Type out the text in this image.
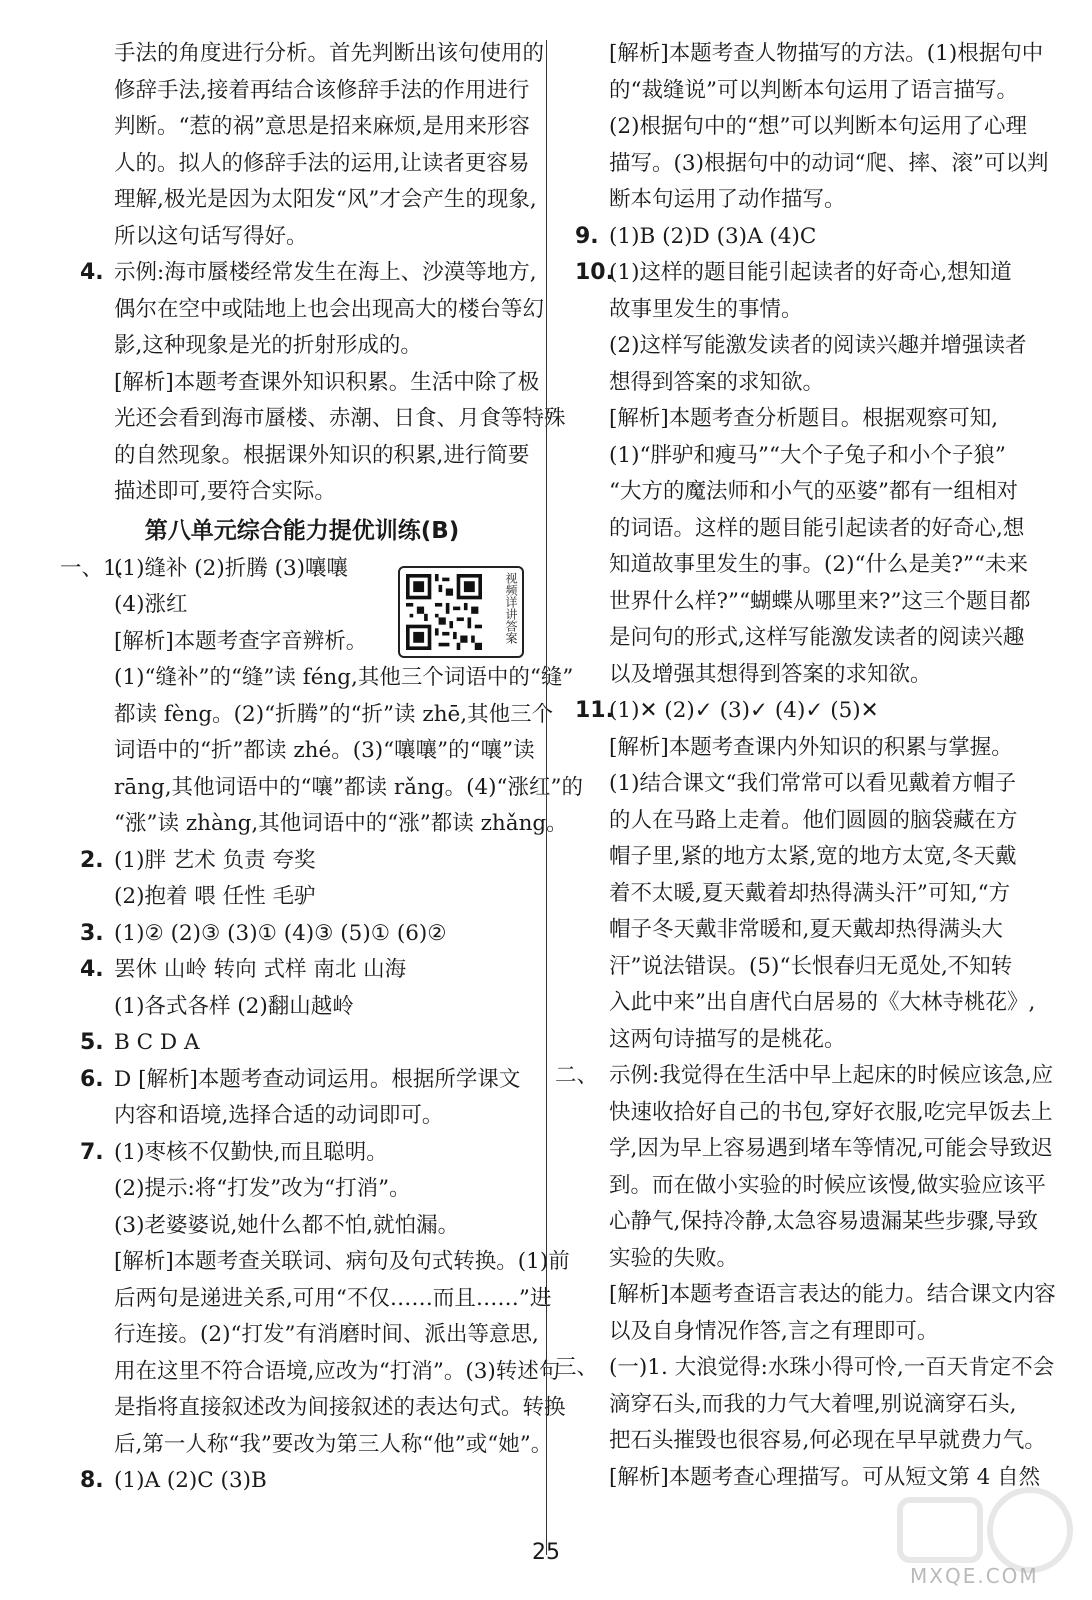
手法的角度进行分析。首先判断出该句使用的
修辞手法,接着再结合该修辞手法的作用进行
判断。“惹的祸”意思是招来麻烦,是用来形容
人的。拟人的修辞手法的运用,让读者更容易
理解,极光是因为太阳发“风”才会产生的现象,
所以这句话写得好。
4. 示例:海市蜃楼经常发生在海上、沙漠等地方,
偶尔在空中或陆地上也会出现高大的楼台等幻
影,这种现象是光的折射形成的。
[解析]本题考查课外知识积累。生活中除了极
光还会看到海市蜃楼、赤潮、日食、月食等特殊
的自然现象。根据课外知识的积累,进行简要
描述即可,要符合实际。
第八单元综合能力提优训练(B)
一、1.(1)缝补 (2)折腾 (3)嚷嚷
(4)涨红
[解析]本题考查字音辨析。
(1)“缝补”的“缝”读 féng,其他三个词语中的“缝”
都读 fèng。(2)“折腾”的“折”读 zhē,其他三个
词语中的“折”都读 zhé。(3)“嚷嚷”的“嚷”读
rāng,其他词语中的“嚷”都读 rǎng。(4)“涨红”的
“涨”读 zhàng,其他词语中的“涨”都读 zhǎng。
2. (1)胖 艺术 负责 夸奖
(2)抱着 喂 任性 毛驴
3. (1)② (2)③ (3)① (4)③ (5)① (6)②
4. 罢休 山岭 转向 式样 南北 山海
(1)各式各样 (2)翻山越岭
5. B C D A
6. D [解析]本题考查动词运用。根据所学课文
内容和语境,选择合适的动词即可。
7. (1)枣核不仅勤快,而且聪明。
(2)提示:将“打发”改为“打消”。
(3)老婆婆说,她什么都不怕,就怕漏。
[解析]本题考查关联词、病句及句式转换。(1)前
后两句是递进关系,可用“不仅……而且……”进
行连接。(2)“打发”有消磨时间、派出等意思,
用在这里不符合语境,应改为“打消”。(3)转述句
是指将直接叙述改为间接叙述的表达句式。转换
后,第一人称“我”要改为第三人称“他”或“她”。
8. (1)A (2)C (3)B
[解析]本题考查人物描写的方法。(1)根据句中
的“裁缝说”可以判断本句运用了语言描写。
(2)根据句中的“想”可以判断本句运用了心理
描写。(3)根据句中的动词“爬、摔、滚”可以判
断本句运用了动作描写。
9. (1)B (2)D (3)A (4)C
10.(1)这样的题目能引起读者的好奇心,想知道
故事里发生的事情。
(2)这样写能激发读者的阅读兴趣并增强读者
想得到答案的求知欲。
[解析]本题考查分析题目。根据观察可知,
(1)“胖驴和瘦马”“大个子兔子和小个子狼”
“大方的魔法师和小气的巫婆”都有一组相对
的词语。这样的题目能引起读者的好奇心,想
知道故事里发生的事。(2)“什么是美?”“未来
世界什么样?”“蝴蝶从哪里来?”这三个题目都
是问句的形式,这样写能激发读者的阅读兴趣
以及增强其想得到答案的求知欲。
11.(1)✕ (2)✓ (3)✓ (4)✓ (5)✕
[解析]本题考查课内外知识的积累与掌握。
(1)结合课文“我们常常可以看见戴着方帽子
的人在马路上走着。他们圆圆的脑袋藏在方
帽子里,紧的地方太紧,宽的地方太宽,冬天戴
着不太暖,夏天戴着却热得满头汗”可知,“方
帽子冬天戴非常暖和,夏天戴却热得满头大
汗”说法错误。(5)“长恨春归无觅处,不知转
入此中来”出自唐代白居易的《大林寺桃花》,
这两句诗描写的是桃花。
二、 示例:我觉得在生活中早上起床的时候应该急,应
快速收拾好自己的书包,穿好衣服,吃完早饭去上
学,因为早上容易遇到堵车等情况,可能会导致迟
到。而在做小实验的时候应该慢,做实验应该平
心静气,保持冷静,太急容易遗漏某些步骤,导致
实验的失败。
[解析]本题考查语言表达的能力。结合课文内容
以及自身情况作答,言之有理即可。
三、 (一)1. 大浪觉得:水珠小得可怜,一百天肯定不会
滴穿石头,而我的力气大着哩,别说滴穿石头,
把石头摧毁也很容易,何必现在早早就费力气。
[解析]本题考查心理描写。可从短文第 4 自然
视频详讲答案
25
MXQE.COM
